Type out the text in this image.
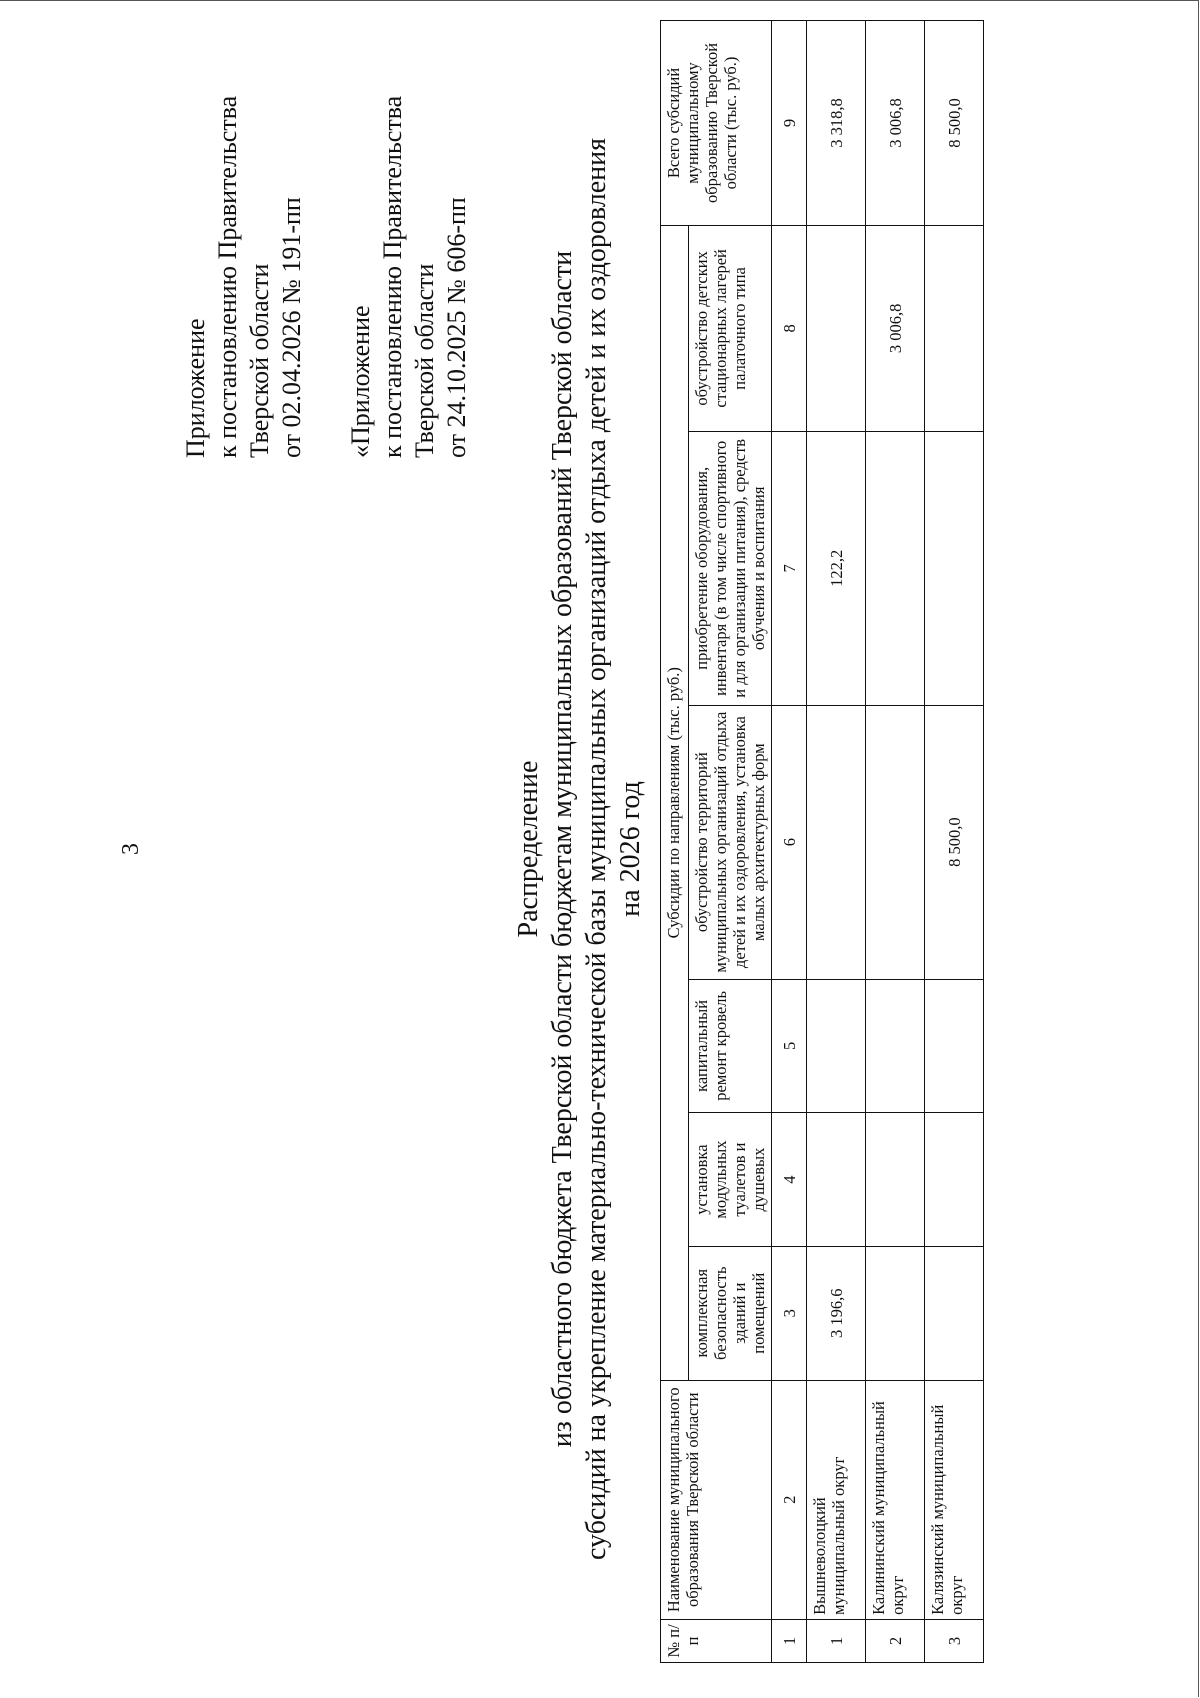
3
Приложение к постановлению Правительства Тверской области от 02.04.2026 № 191-пп «Приложение к постановлению Правительства Тверской области от 24.10.2025 № 606-пп
Распределение из областного бюджета Тверской области бюджетам муниципальных образований Тверской области субсидий на укрепление материально-технической базы муниципальных организаций отдыха детей и их оздоровления на 2026 год
№ п/п	Наименование муниципального образования Тверской области	Субсидии по направлениям (тыс. руб.)						Всего субсидий муниципальному образованию Тверской области (тыс. руб.)
		комплексная безопасность зданий и помещений	установка модульных туалетов и душевых	капитальный ремонт кровель	обустройство территорий муниципальных организаций отдыха детей и их оздоровления, установка малых архитектурных форм	приобретение оборудования, инвентаря (в том числе спортивного и для организации питания), средств обучения и воспитания	обустройство детских стационарных лагерей палаточного типа	
1	2	3	4	5	6	7	8	9
1	Вышневолоцкий муниципальный округ	3 196,6				122,2		3 318,8
2	Калининский муниципальный округ						3 006,8	3 006,8
3	Калязинский муниципальный округ				8 500,0			8 500,0
